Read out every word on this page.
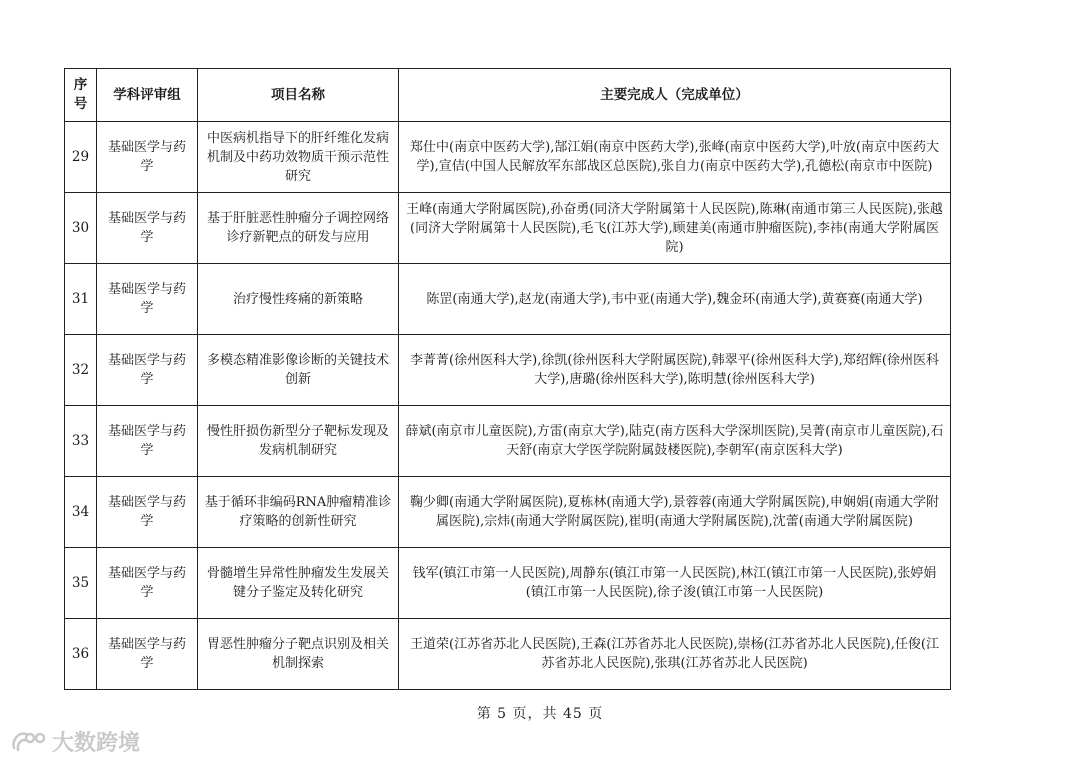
序号	学科评审组	项目名称	主要完成人（完成单位）
29	基础医学与药学	中医病机指导下的肝纤维化发病机制及中药功效物质干预示范性研究	郑仕中(南京中医药大学),郜江娟(南京中医药大学),张峰(南京中医药大学),叶放(南京中医药大学),宣佶(中国人民解放军东部战区总医院),张自力(南京中医药大学),孔德松(南京市中医院)
30	基础医学与药学	基于肝脏恶性肿瘤分子调控网络诊疗新靶点的研发与应用	王峰(南通大学附属医院),孙奋勇(同济大学附属第十人民医院),陈琳(南通市第三人民医院),张越(同济大学附属第十人民医院),毛飞(江苏大学),顾建美(南通市肿瘤医院),李祎(南通大学附属医院)
31	基础医学与药学	治疗慢性疼痛的新策略	陈罡(南通大学),赵龙(南通大学),韦中亚(南通大学),魏金环(南通大学),黄赛赛(南通大学)
32	基础医学与药学	多模态精准影像诊断的关键技术创新	李菁菁(徐州医科大学),徐凯(徐州医科大学附属医院),韩翠平(徐州医科大学),郑绍辉(徐州医科大学),唐璐(徐州医科大学),陈明慧(徐州医科大学)
33	基础医学与药学	慢性肝损伤新型分子靶标发现及发病机制研究	薛斌(南京市儿童医院),方雷(南京大学),陆克(南方医科大学深圳医院),吴菁(南京市儿童医院),石天舒(南京大学医学院附属鼓楼医院),李朝军(南京医科大学)
34	基础医学与药学	基于循环非编码RNA肿瘤精准诊疗策略的创新性研究	鞠少卿(南通大学附属医院),夏栋林(南通大学),景蓉蓉(南通大学附属医院),申娴娟(南通大学附属医院),宗炜(南通大学附属医院),崔明(南通大学附属医院),沈蕾(南通大学附属医院)
35	基础医学与药学	骨髓增生异常性肿瘤发生发展关键分子鉴定及转化研究	钱军(镇江市第一人民医院),周静东(镇江市第一人民医院),林江(镇江市第一人民医院),张婷娟(镇江市第一人民医院),徐子浚(镇江市第一人民医院)
36	基础医学与药学	胃恶性肿瘤分子靶点识别及相关机制探索	王道荣(江苏省苏北人民医院),王森(江苏省苏北人民医院),崇杨(江苏省苏北人民医院),任俊(江苏省苏北人民医院),张琪(江苏省苏北人民医院)
第 5 页，共 45 页
大数跨境
